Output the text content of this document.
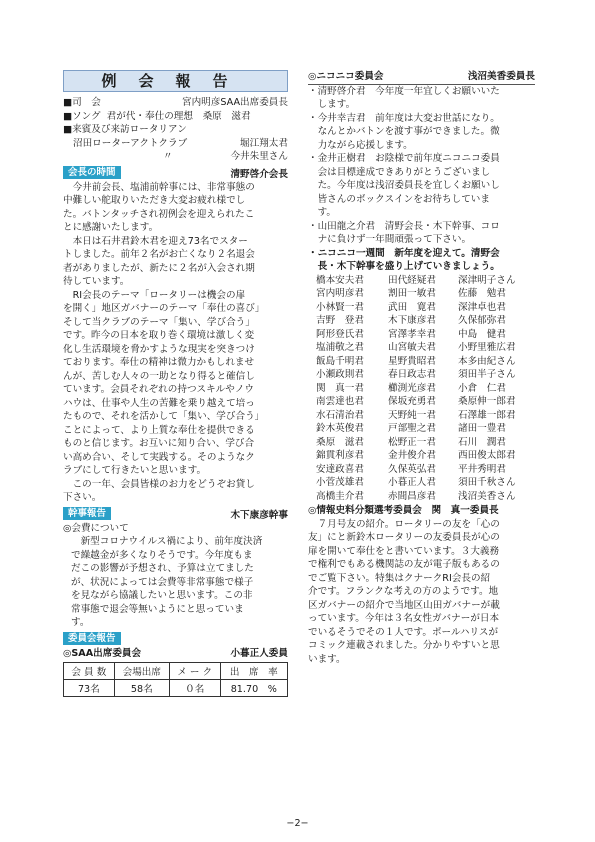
例会報告
■司　会	宮内明彦SAA出席委員長
■ソング 君が代・奉仕の理想　桑原　滋君
■来賓及び来訪ロータリアン
沼田ローターアクトクラブ	堀江翔太君
〃	今井朱里さん
会長の時間	清野啓介会長
　今井前会長、塩浦前幹事には、非常事態の
中難しい舵取りいただき大変お疲れ様でし
た。バトンタッチされ初例会を迎えられたこ
とに感謝いたします。
　本日は石井君鈴木君を迎え73名でスター
トしました。前年２名がお亡くなり２名退会
者がありましたが、新たに２名が入会され期
待しています。
　RI会長のテーマ「ロータリーは機会の扉
を開く」地区ガバナーのテーマ「奉仕の喜び」
そして当クラブのテーマ「集い、学び合う」
です。昨今の日本を取り巻く環境は激しく変
化し生活環境を脅かすような現実を突きつけ
ております。奉仕の精神は微力かもしれませ
んが、苦しむ人々の一助となり得ると確信し
ています。会員それぞれの持つスキルやノウ
ハウは、仕事や人生の苦難を乗り越えて培っ
たもので、それを活かして「集い、学び合う」
ことによって、より上質な奉仕を提供できる
ものと信じます。お互いに知り合い、学び合
い高め合い、そして実践する。そのようなク
ラブにして行きたいと思います。
　この一年、会員皆様のお力をどうぞお貸し
下さい。
幹事報告	木下康彦幹事
◎会費について
　新型コロナウイルス禍により、前年度決済
で繰越金が多くなりそうです。今年度もま
だこの影響が予想され、予算は立てました
が、状況によっては会費等非常事態で様子
を見ながら協議したいと思います。この非
常事態で退会等無いようにと思っていま
す。
委員会報告
◎SAA出席委員会	小暮正人委員
会 員 数	会場出席	メ ー ク	出　席　率
73名	58名	０名	81.70　%
◎ニコニコ委員会	浅沼美香委員長
・清野啓介君　今年度一年宜しくお願いいた
　します。
・今井幸吉君　前年度は大変お世話になり。
　なんとかバトンを渡す事ができました。微
　力ながら応援します。
・金井正樹君　お陰様で前年度ニコニコ委員
　会は目標達成できありがとうございまし
　た。今年度は浅沼委員長を宜しくお願いし
　皆さんのボックスインをお待ちしていま
　す。
・山田龍之介君　清野会長・木下幹事、コロ
　ナに負けず一年間頑張って下さい。
・ニコニコ一週間　新年度を迎えて。清野会
　長・木下幹事を盛り上げていきましょう。
橋本安夫君	田代経疑君	深津明子さん
宮内明彦君	割田一敏君	佐藤　勉君
小林賢一君	武田　寛君	深津卓也君
吉野　登君	木下康彦君	久保郁弥君
阿形登氏君	宮澤孝幸君	中島　健君
塩浦敬之君	山宮敏夫君	小野里雅広君
飯島千明君	星野貴昭君	本多由紀さん
小瀬政則君	春日政志君	須田半子さん
関　真一君	櫛渕光彦君	小倉　仁君
南雲達也君	保坂充勇君	桑原伸一郎君
水石清治君	天野純一君	石澤雄一郎君
鈴木英俊君	戸部聖之君	諸田一豊君
桑原　滋君	松野正一君	石川　潤君
錦貫利彦君	金井俊介君	西田俊太郎君
安達政喜君	久保英弘君	平井秀明君
小菅茂雄君	小暮正人君	須田千秋さん
高橋圭介君	赤間昌彦君	浅沼美香さん
◎情報史料分類選考委員会　関　真一委員長
　７月号友の紹介。ロータリーの友を「心の
友」にと新鈴木ロータリーの友委員長が心の
扉を開いて奉仕をと書いています。３大義務
で権利でもある機関誌の友が電子版もあるの
でご覧下さい。特集はクナークRI会長の紹
介です。フランクな考えの方のようです。地
区ガバナーの紹介で当地区山田ガバナーが載
っています。今年は３名女性ガバナーが日本
でいるそうでその１人です。ポールハリスが
コミック連載されました。分かりやすいと思
います。
−2−
